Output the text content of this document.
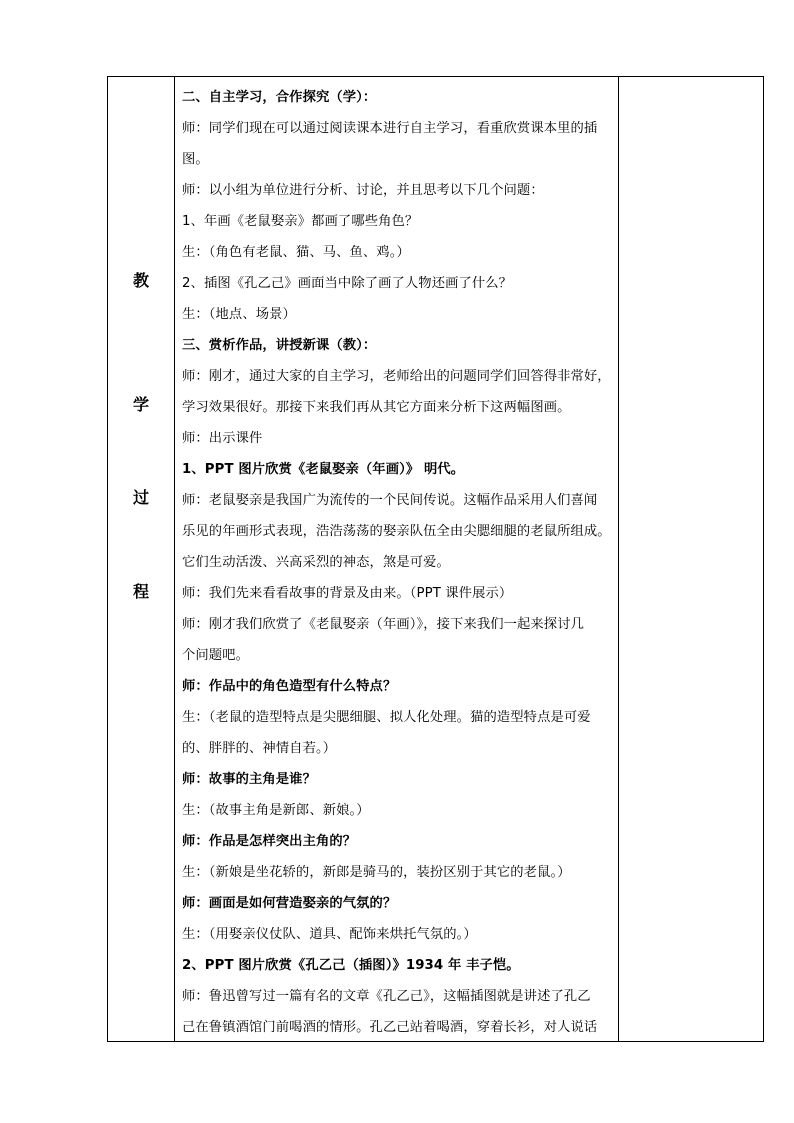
教
学
过
程
二、自主学习，合作探究（学）：
师：同学们现在可以通过阅读课本进行自主学习，看重欣赏课本里的插
图。
师：以小组为单位进行分析、讨论，并且思考以下几个问题：
1、年画《老鼠娶亲》都画了哪些角色？
生：（角色有老鼠、猫、马、鱼、鸡。）
2、插图《孔乙己》画面当中除了画了人物还画了什么？
生：（地点、场景）
三、赏析作品，讲授新课（教）：
师：刚才，通过大家的自主学习，老师给出的问题同学们回答得非常好，
学习效果很好。那接下来我们再从其它方面来分析下这两幅图画。
师：出示课件
1、PPT 图片欣赏《老鼠娶亲（年画）》 明代。
师：老鼠娶亲是我国广为流传的一个民间传说。这幅作品采用人们喜闻
乐见的年画形式表现，浩浩荡荡的娶亲队伍全由尖腮细腿的老鼠所组成。
它们生动活泼、兴高采烈的神态，煞是可爱。
师：我们先来看看故事的背景及由来。（PPT 课件展示）
师：刚才我们欣赏了《老鼠娶亲（年画）》，接下来我们一起来探讨几
个问题吧。
师：作品中的角色造型有什么特点？
生：（老鼠的造型特点是尖腮细腿、拟人化处理。猫的造型特点是可爱
的、胖胖的、神情自若。）
师：故事的主角是谁？
生：（故事主角是新郎、新娘。）
师：作品是怎样突出主角的？
生：（新娘是坐花轿的，新郎是骑马的，装扮区别于其它的老鼠。）
师：画面是如何营造娶亲的气氛的？
生：（用娶亲仪仗队、道具、配饰来烘托气氛的。）
2、PPT 图片欣赏《孔乙己（插图）》1934 年 丰子恺。
师：鲁迅曾写过一篇有名的文章《孔乙己》，这幅插图就是讲述了孔乙
己在鲁镇酒馆门前喝酒的情形。孔乙己站着喝酒，穿着长衫，对人说话
